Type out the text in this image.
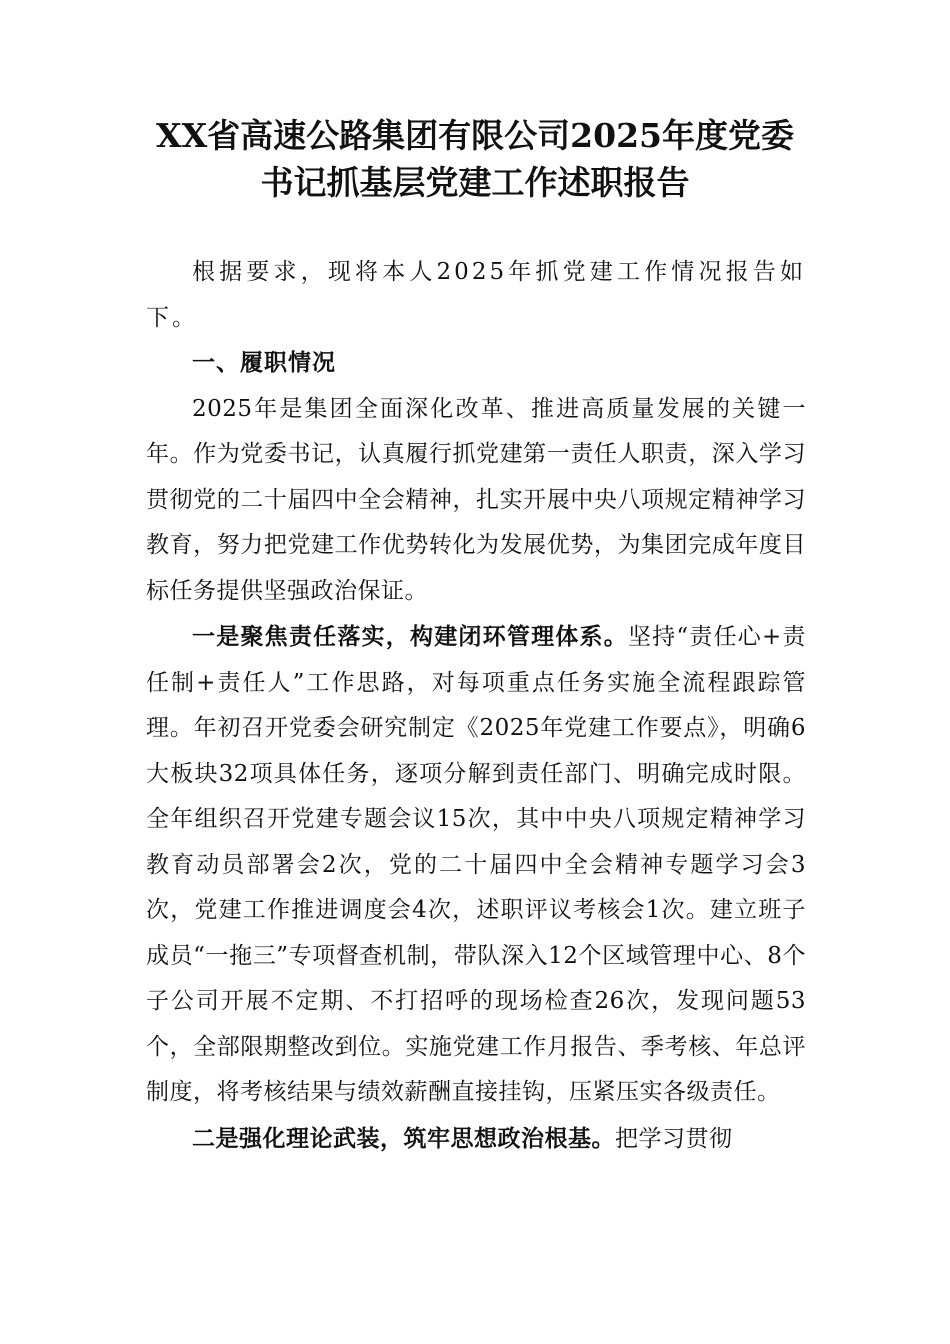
XX省高速公路集团有限公司2025年度党委书记抓基层党建工作述职报告

根据要求，现将本人2025年抓党建工作情况报告如下。

一、履职情况

2025年是集团全面深化改革、推进高质量发展的关键一年。作为党委书记，认真履行抓党建第一责任人职责，深入学习贯彻党的二十届四中全会精神，扎实开展中央八项规定精神学习教育，努力把党建工作优势转化为发展优势，为集团完成年度目标任务提供坚强政治保证。

一是聚焦责任落实，构建闭环管理体系。坚持“责任心+责任制+责任人”工作思路，对每项重点任务实施全流程跟踪管理。年初召开党委会研究制定《2025年党建工作要点》，明确6大板块32项具体任务，逐项分解到责任部门、明确完成时限。全年组织召开党建专题会议15次，其中中央八项规定精神学习教育动员部署会2次，党的二十届四中全会精神专题学习会3次，党建工作推进调度会4次，述职评议考核会1次。建立班子成员“一拖三”专项督查机制，带队深入12个区域管理中心、8个子公司开展不定期、不打招呼的现场检查26次，发现问题53个，全部限期整改到位。实施党建工作月报告、季考核、年总评制度，将考核结果与绩效薪酬直接挂钩，压紧压实各级责任。

二是强化理论武装，筑牢思想政治根基。把学习贯彻
